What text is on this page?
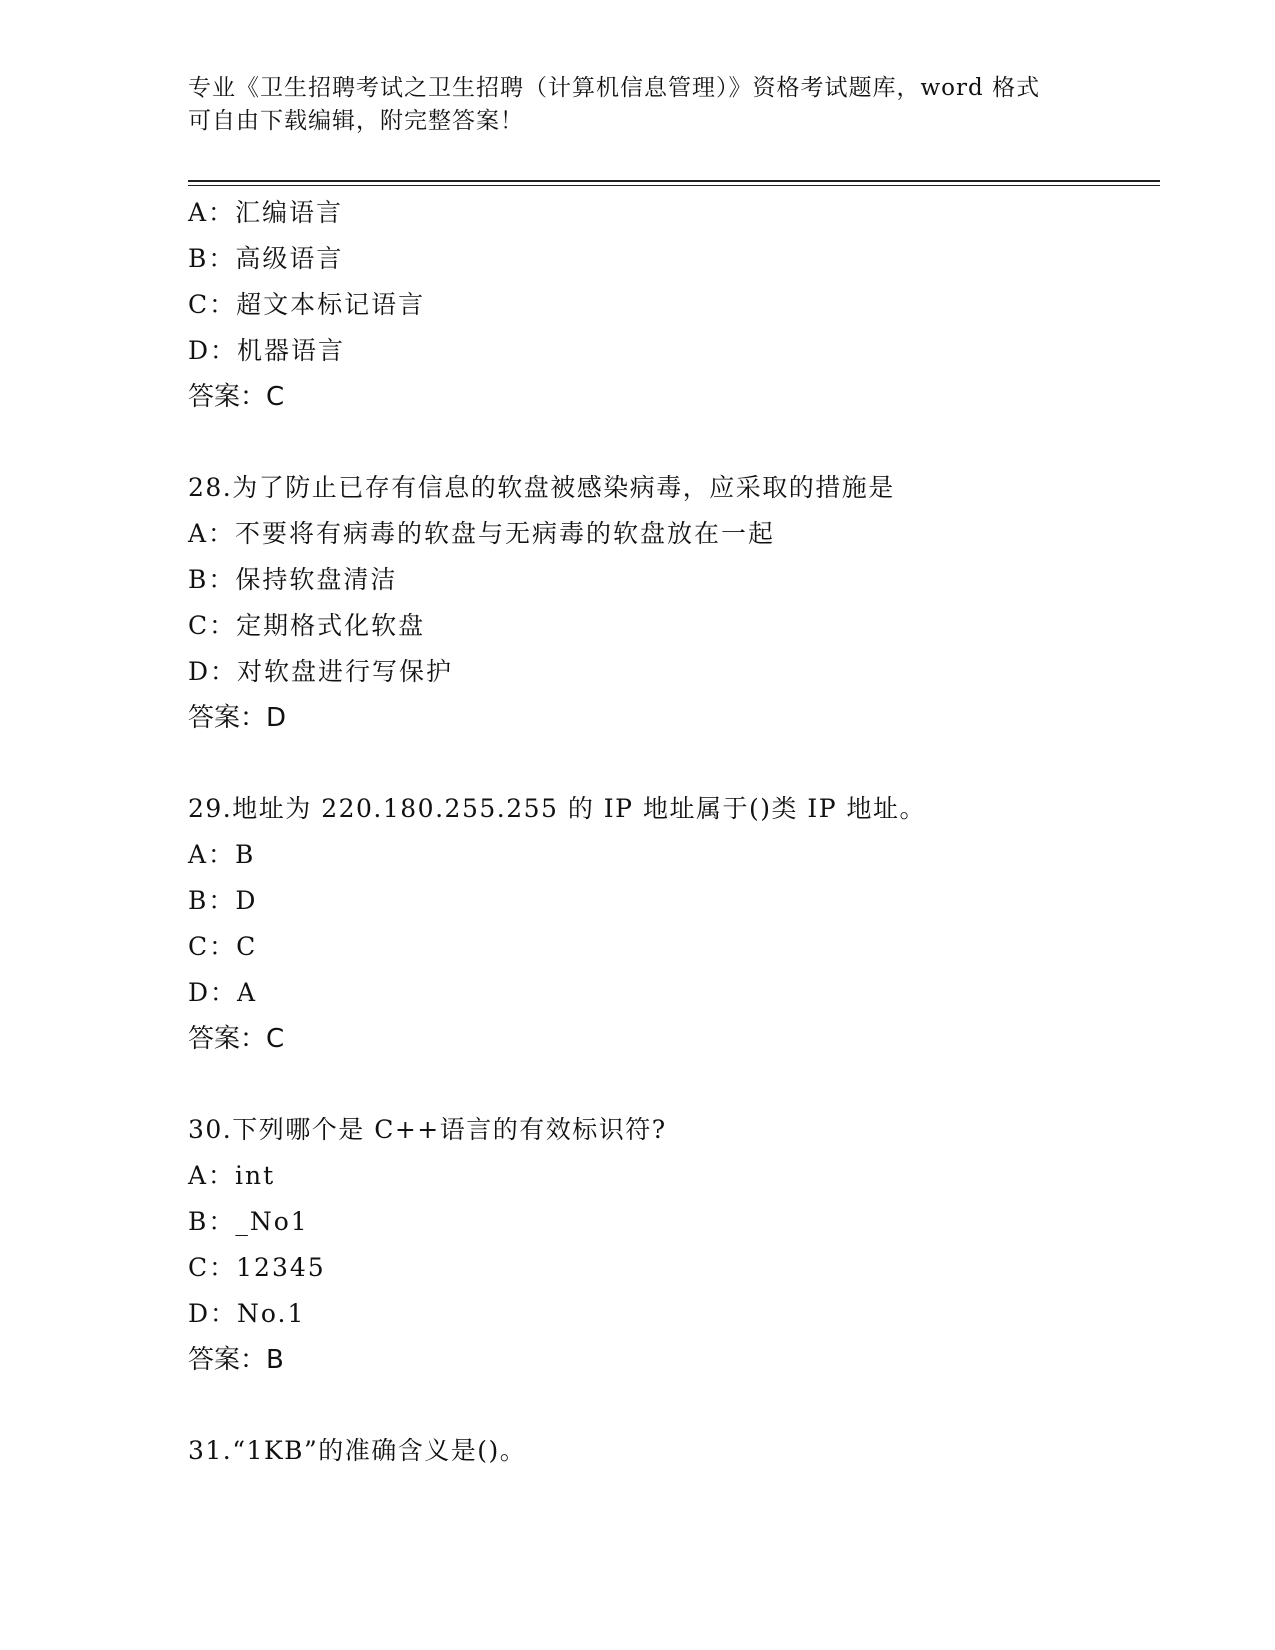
专业《卫生招聘考试之卫生招聘（计算机信息管理）》资格考试题库，word 格式
可自由下载编辑，附完整答案！
A：汇编语言
B：高级语言
C：超文本标记语言
D：机器语言
答案：C
28.为了防止已存有信息的软盘被感染病毒，应采取的措施是
A：不要将有病毒的软盘与无病毒的软盘放在一起
B：保持软盘清洁
C：定期格式化软盘
D：对软盘进行写保护
答案：D
29.地址为 220.180.255.255 的 IP 地址属于()类 IP 地址。
A：B
B：D
C：C
D：A
答案：C
30.下列哪个是 C++语言的有效标识符?
A：int
B：_No1
C：12345
D：No.1
答案：B
31.“1KB”的准确含义是()。
